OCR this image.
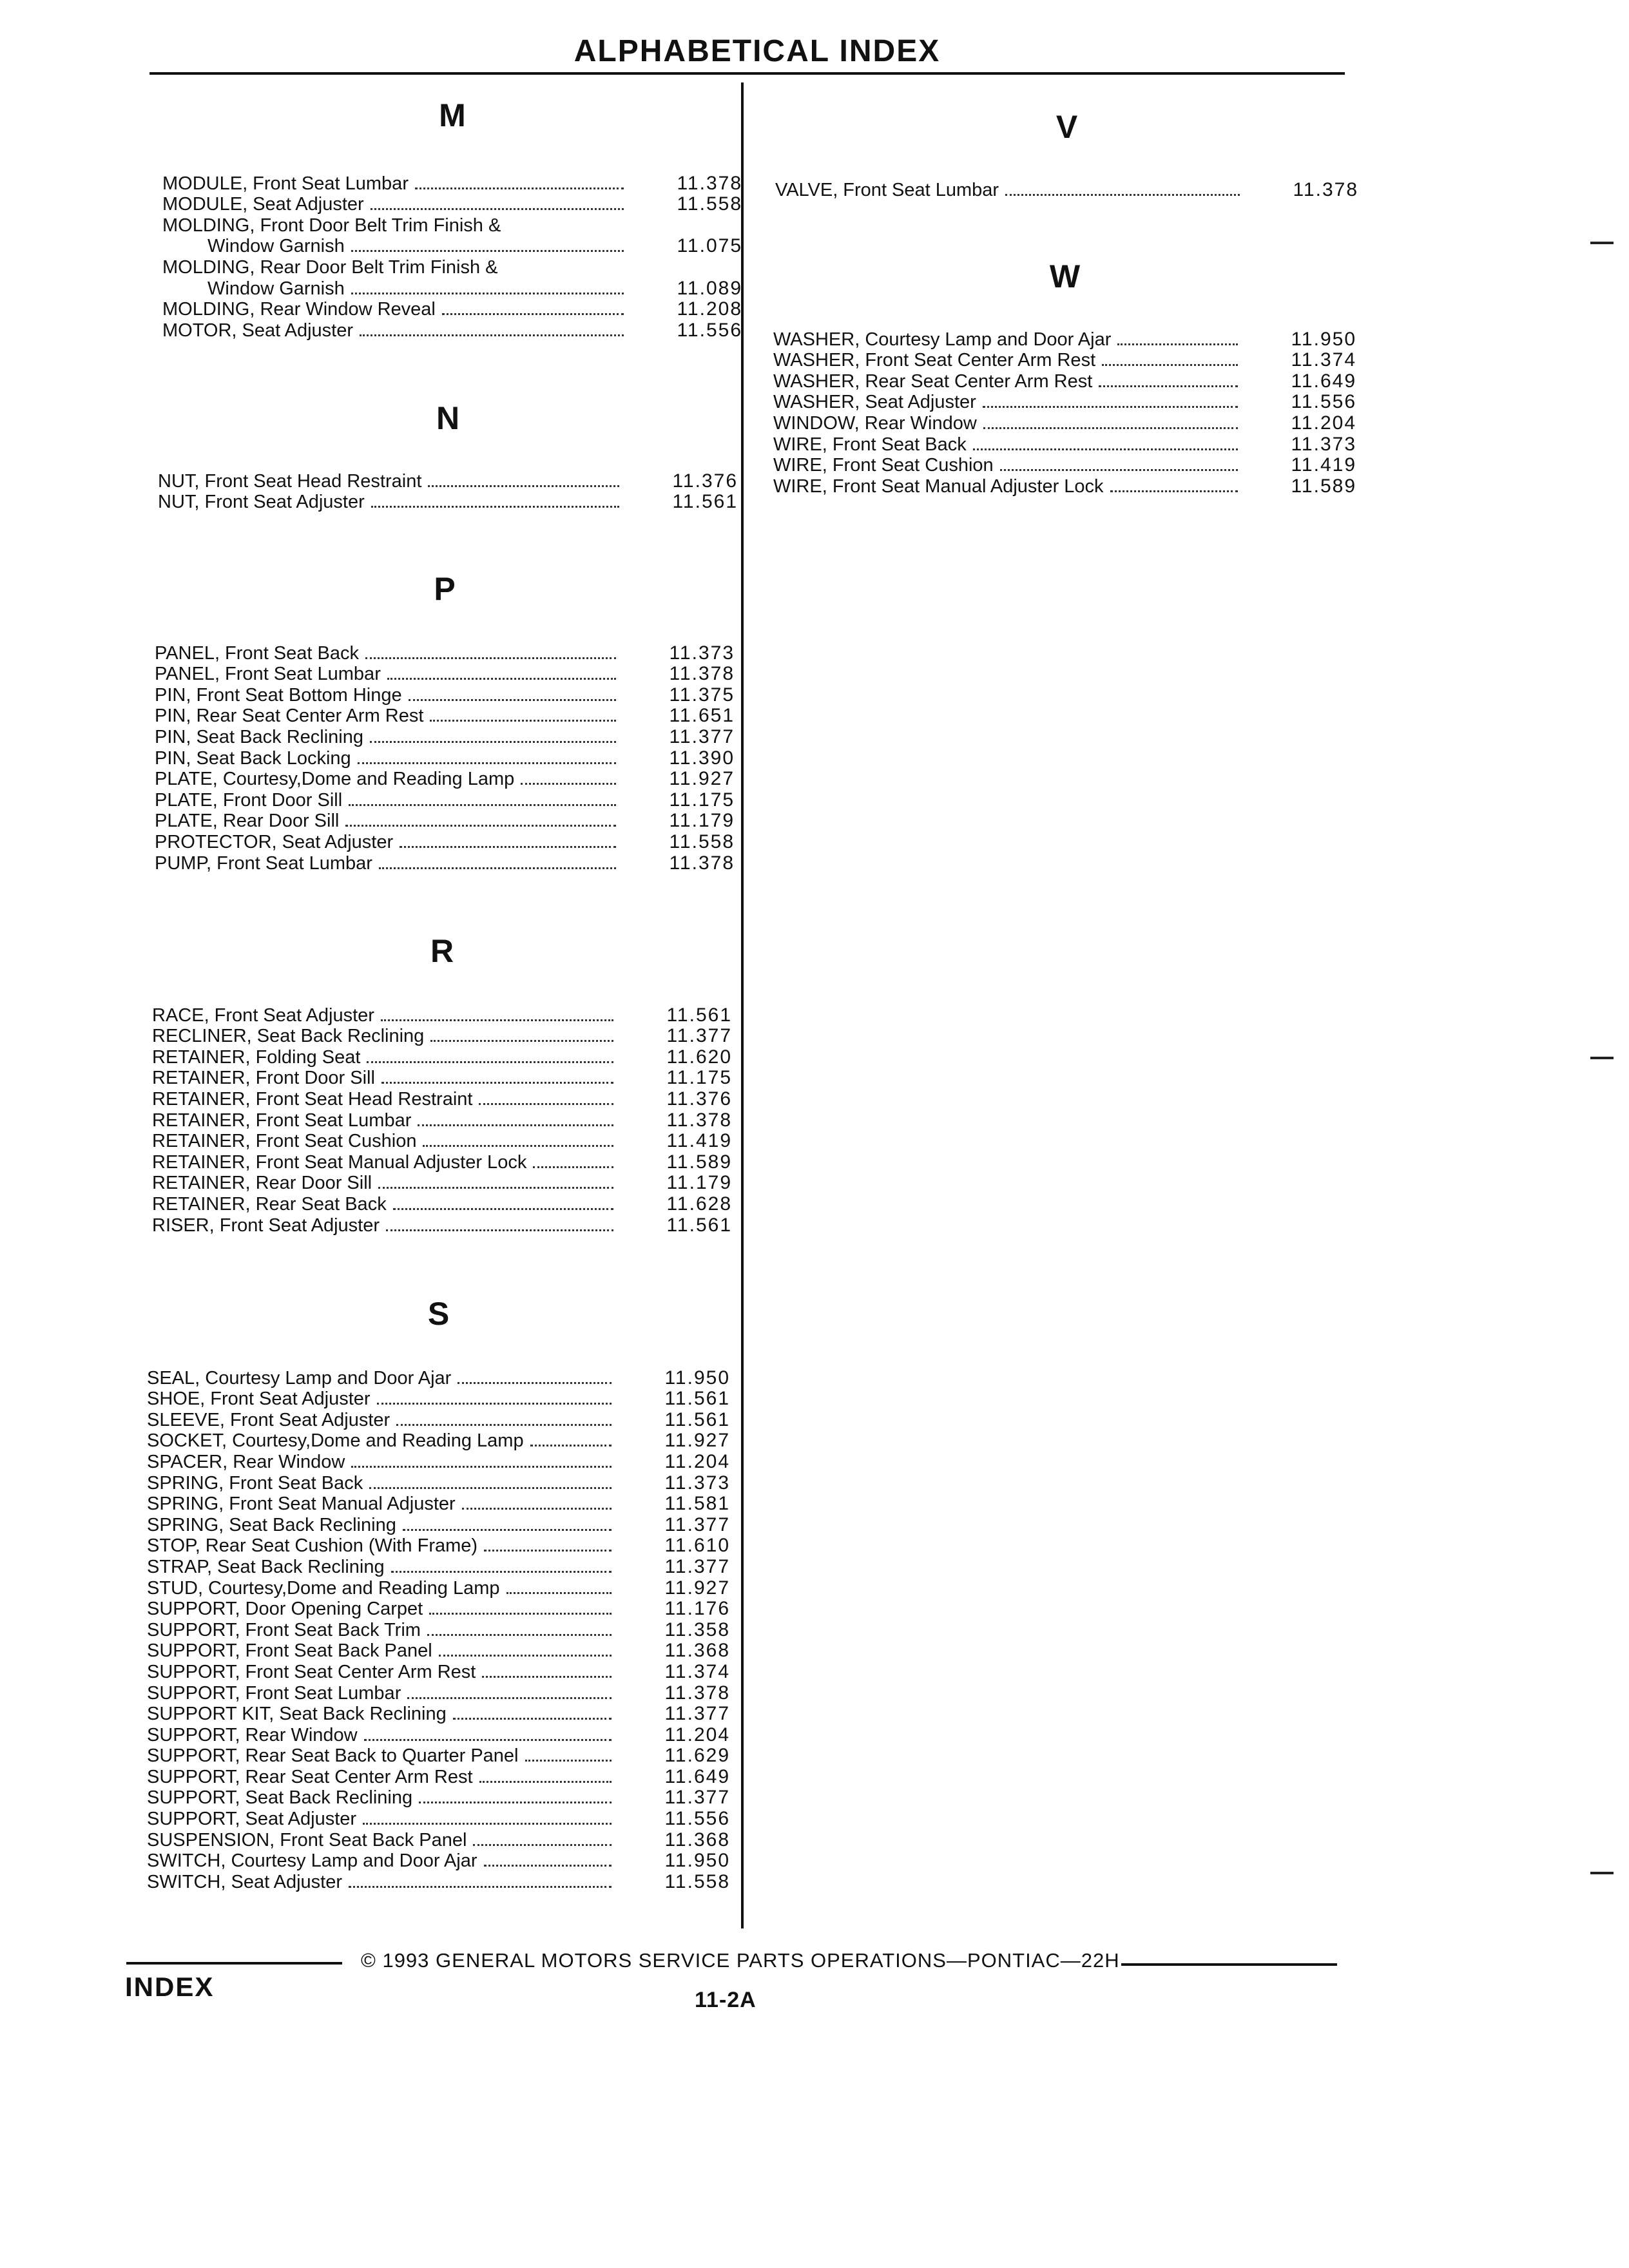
ALPHABETICAL INDEX
M
MODULE, Front Seat Lumbar	11.378
MODULE, Seat Adjuster	11.558
MOLDING, Front Door Belt Trim Finish &
Window Garnish	11.075
MOLDING, Rear Door Belt Trim Finish &
Window Garnish	11.089
MOLDING, Rear Window Reveal	11.208
MOTOR, Seat Adjuster	11.556
N
NUT, Front Seat Head Restraint	11.376
NUT, Front Seat Adjuster	11.561
P
PANEL, Front Seat Back	11.373
PANEL, Front Seat Lumbar	11.378
PIN, Front Seat Bottom Hinge	11.375
PIN, Rear Seat Center Arm Rest	11.651
PIN, Seat Back Reclining	11.377
PIN, Seat Back Locking	11.390
PLATE, Courtesy,Dome and Reading Lamp	11.927
PLATE, Front Door Sill	11.175
PLATE, Rear Door Sill	11.179
PROTECTOR, Seat Adjuster	11.558
PUMP, Front Seat Lumbar	11.378
R
RACE, Front Seat Adjuster	11.561
RECLINER, Seat Back Reclining	11.377
RETAINER, Folding Seat	11.620
RETAINER, Front Door Sill	11.175
RETAINER, Front Seat Head Restraint	11.376
RETAINER, Front Seat Lumbar	11.378
RETAINER, Front Seat Cushion	11.419
RETAINER, Front Seat Manual Adjuster Lock	11.589
RETAINER, Rear Door Sill	11.179
RETAINER, Rear Seat Back	11.628
RISER, Front Seat Adjuster	11.561
S
SEAL, Courtesy Lamp and Door Ajar	11.950
SHOE, Front Seat Adjuster	11.561
SLEEVE, Front Seat Adjuster	11.561
SOCKET, Courtesy,Dome and Reading Lamp	11.927
SPACER, Rear Window	11.204
SPRING, Front Seat Back	11.373
SPRING, Front Seat Manual Adjuster	11.581
SPRING, Seat Back Reclining	11.377
STOP, Rear Seat Cushion (With Frame)	11.610
STRAP, Seat Back Reclining	11.377
STUD, Courtesy,Dome and Reading Lamp	11.927
SUPPORT, Door Opening Carpet	11.176
SUPPORT, Front Seat Back Trim	11.358
SUPPORT, Front Seat Back Panel	11.368
SUPPORT, Front Seat Center Arm Rest	11.374
SUPPORT, Front Seat Lumbar	11.378
SUPPORT KIT, Seat Back Reclining	11.377
SUPPORT, Rear Window	11.204
SUPPORT, Rear Seat Back to Quarter Panel	11.629
SUPPORT, Rear Seat Center Arm Rest	11.649
SUPPORT, Seat Back Reclining	11.377
SUPPORT, Seat Adjuster	11.556
SUSPENSION, Front Seat Back Panel	11.368
SWITCH, Courtesy Lamp and Door Ajar	11.950
SWITCH, Seat Adjuster	11.558
V
VALVE, Front Seat Lumbar	11.378
W
WASHER, Courtesy Lamp and Door Ajar	11.950
WASHER, Front Seat Center Arm Rest	11.374
WASHER, Rear Seat Center Arm Rest	11.649
WASHER, Seat Adjuster	11.556
WINDOW, Rear Window	11.204
WIRE, Front Seat Back	11.373
WIRE, Front Seat Cushion	11.419
WIRE, Front Seat Manual Adjuster Lock	11.589
© 1993 GENERAL MOTORS SERVICE PARTS OPERATIONS—PONTIAC—22H
INDEX	11-2A
